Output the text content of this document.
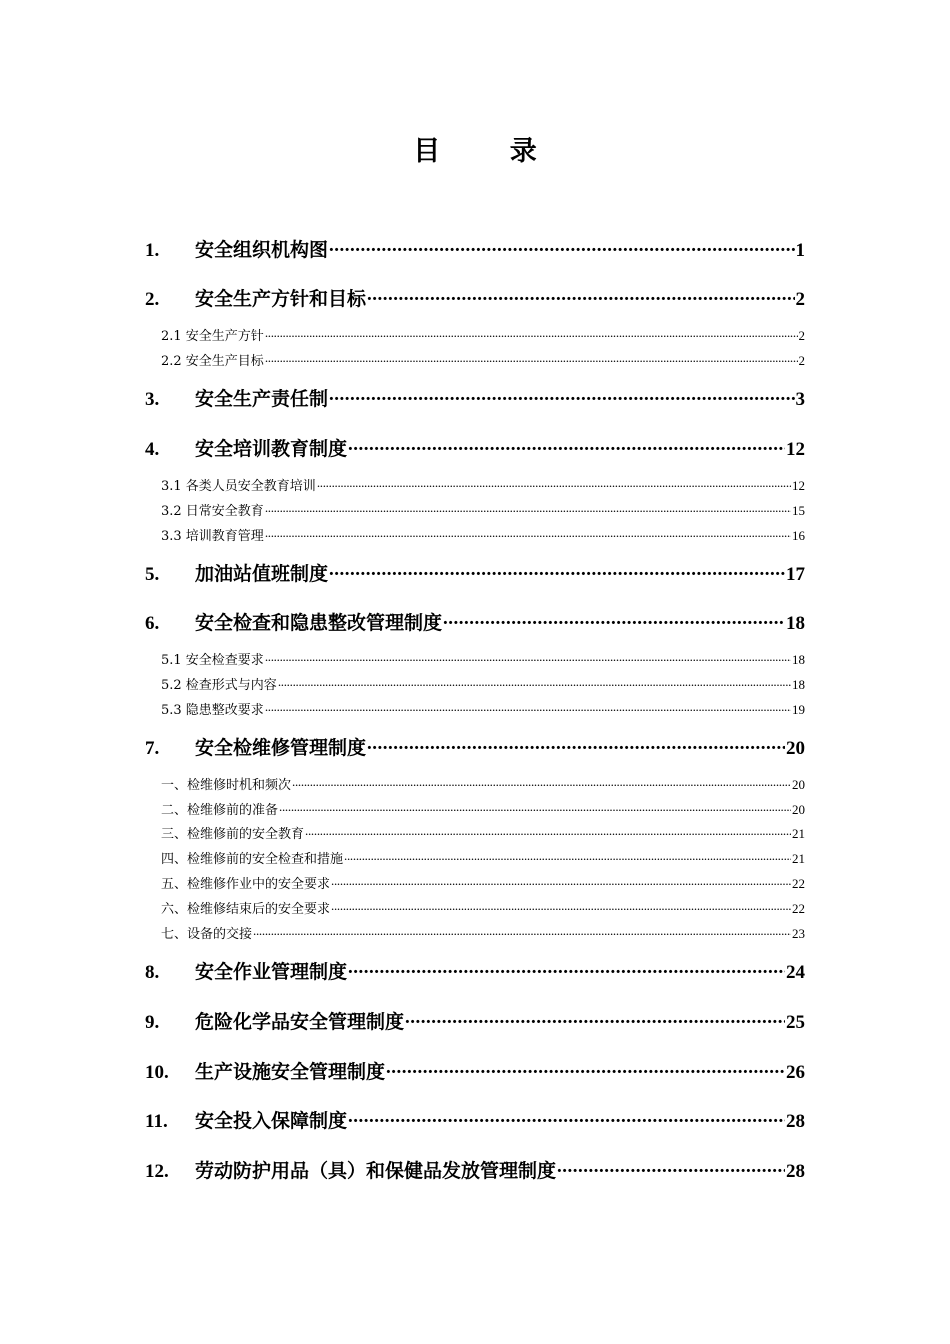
目 录
1.	安全组织机构图 .....	1
2.	安全生产方针和目标 .....	2
2.1 安全生产方针 .....	2
2.2 安全生产目标 .....	2
3.	安全生产责任制 .....	3
4.	安全培训教育制度 .....	12
3.1 各类人员安全教育培训 .....	12
3.2 日常安全教育 .....	15
3.3 培训教育管理 .....	16
5.	加油站值班制度 .....	17
6.	安全检查和隐患整改管理制度 .....	18
5.1 安全检查要求 .....	18
5.2 检查形式与内容 .....	18
5.3 隐患整改要求 .....	19
7.	安全检维修管理制度 .....	20
一、检维修时机和频次 .....	20
二、检维修前的准备 .....	20
三、检维修前的安全教育 .....	21
四、检维修前的安全检查和措施 .....	21
五、检维修作业中的安全要求 .....	22
六、检维修结束后的安全要求 .....	22
七、设备的交接 .....	23
8.	安全作业管理制度 .....	24
9.	危险化学品安全管理制度 .....	25
10.	生产设施安全管理制度 .....	26
11.	安全投入保障制度 .....	28
12.	劳动防护用品（具）和保健品发放管理制度 .....	28
